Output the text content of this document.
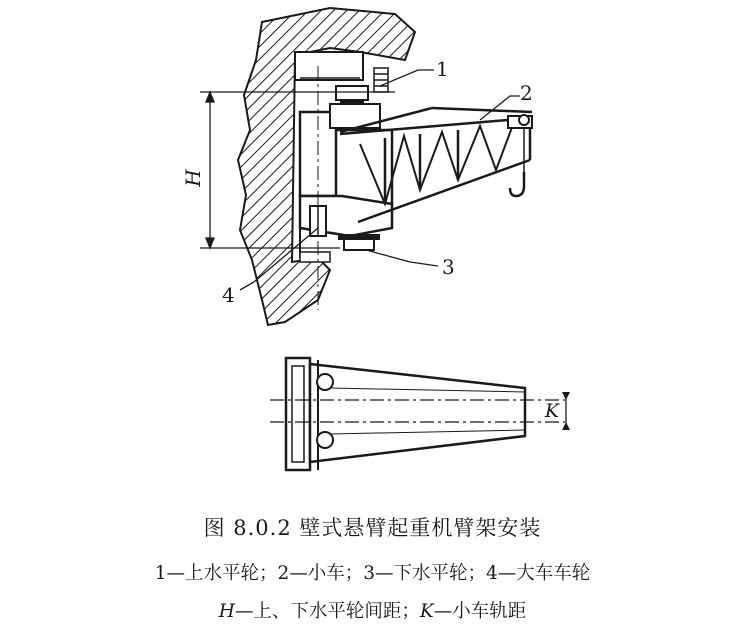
H
1
2
3
4
K
图 8.0.2 壁式悬臂起重机臂架安装
1—上水平轮；2—小车；3—下水平轮；4—大车车轮
H—上、下水平轮间距；K—小车轨距
